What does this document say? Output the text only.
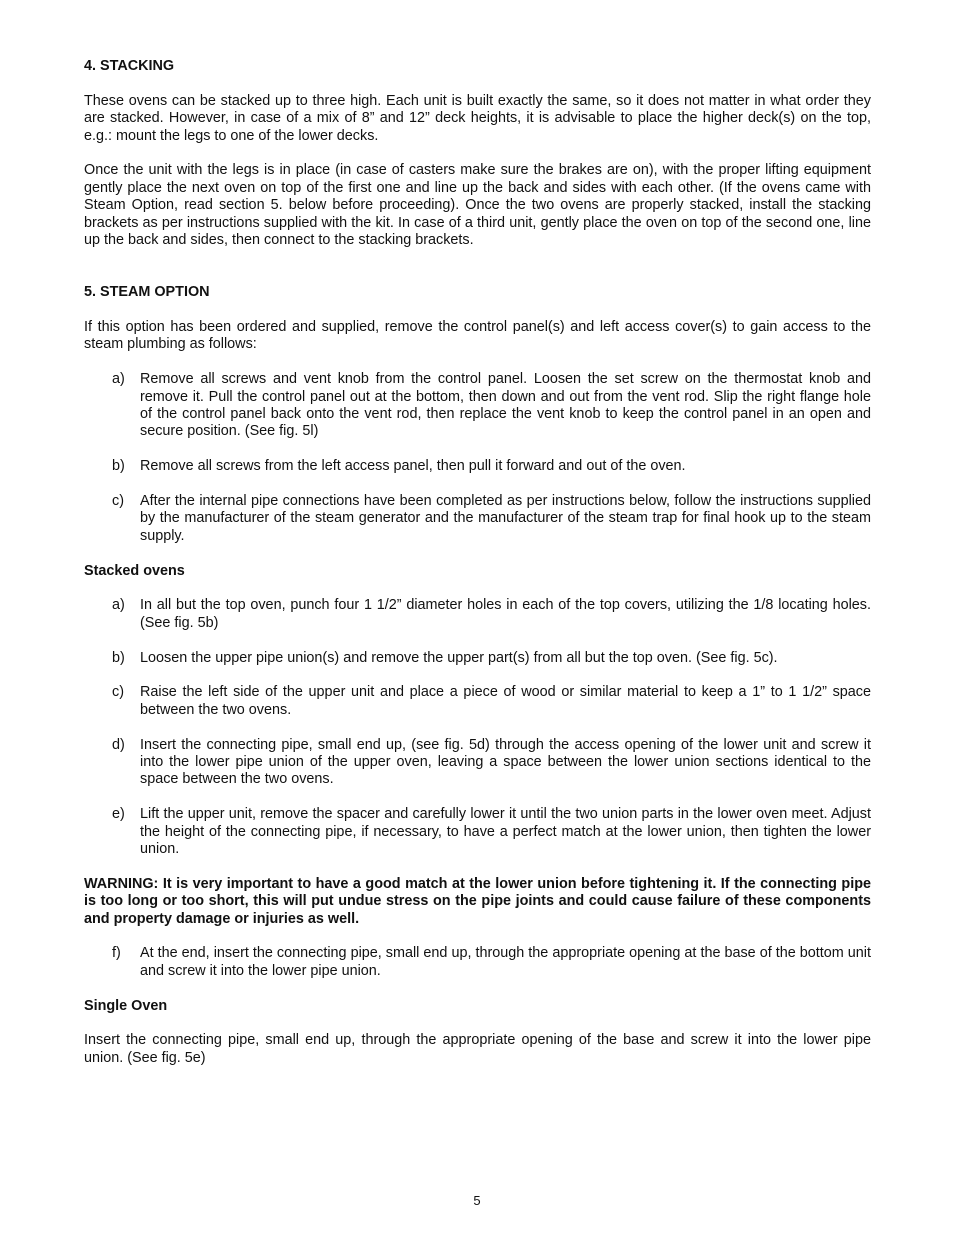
4. STACKING

These ovens can be stacked up to three high. Each unit is built exactly the same, so it does not matter in what order they are stacked. However, in case of a mix of 8” and 12” deck heights, it is advisable to place the higher deck(s) on the top, e.g.: mount the legs to one of the lower decks.

Once the unit with the legs is in place (in case of casters make sure the brakes are on), with the proper lifting equipment gently place the next oven on top of the first one and line up the back and sides with each other. (If the ovens came with Steam Option, read section 5. below before proceeding). Once the two ovens are properly stacked, install the stacking brackets as per instructions supplied with the kit. In case of a third unit, gently place the oven on top of the second one, line up the back and sides, then connect to the stacking brackets.

5. STEAM OPTION

If this option has been ordered and supplied, remove the control panel(s) and left access cover(s) to gain access to the steam plumbing as follows:

a)	Remove all screws and vent knob from the control panel. Loosen the set screw on the thermostat knob and remove it. Pull the control panel out at the bottom, then down and out from the vent rod. Slip the right flange hole of the control panel back onto the vent rod, then replace the vent knob to keep the control panel in an open and secure position. (See fig. 5l)
b)	Remove all screws from the left access panel, then pull it forward and out of the oven.
c)	After the internal pipe connections have been completed as per instructions below, follow the instructions supplied by the manufacturer of the steam generator and the manufacturer of the steam trap for final hook up to the steam supply.
Stacked ovens
a)	In all but the top oven, punch four 1 1/2” diameter holes in each of the top covers, utilizing the 1/8 locating holes. (See fig. 5b)
b)	Loosen the upper pipe union(s) and remove the upper part(s) from all but the top oven. (See fig. 5c).
c)	Raise the left side of the upper unit and place a piece of wood or similar material to keep a 1” to 1 1/2” space between the two ovens.
d)	Insert the connecting pipe, small end up, (see fig. 5d) through the access opening of the lower unit and screw it into the lower pipe union of the upper oven, leaving a space between the lower union sections identical to the space between the two ovens.
e)	Lift the upper unit, remove the spacer and carefully lower it until the two union parts in the lower oven meet. Adjust the height of the connecting pipe, if necessary, to have a perfect match at the lower union, then tighten the lower union.

WARNING: It is very important to have a good match at the lower union before tightening it. If the connecting pipe is too long or too short, this will put undue stress on the pipe joints and could cause failure of these components and property damage or injuries as well.

f)	At the end, insert the connecting pipe, small end up, through the appropriate opening at the base of the bottom unit and screw it into the lower pipe union.
Single Oven

Insert the connecting pipe, small end up, through the appropriate opening of the base and screw it into the lower pipe union. (See fig. 5e)

5
